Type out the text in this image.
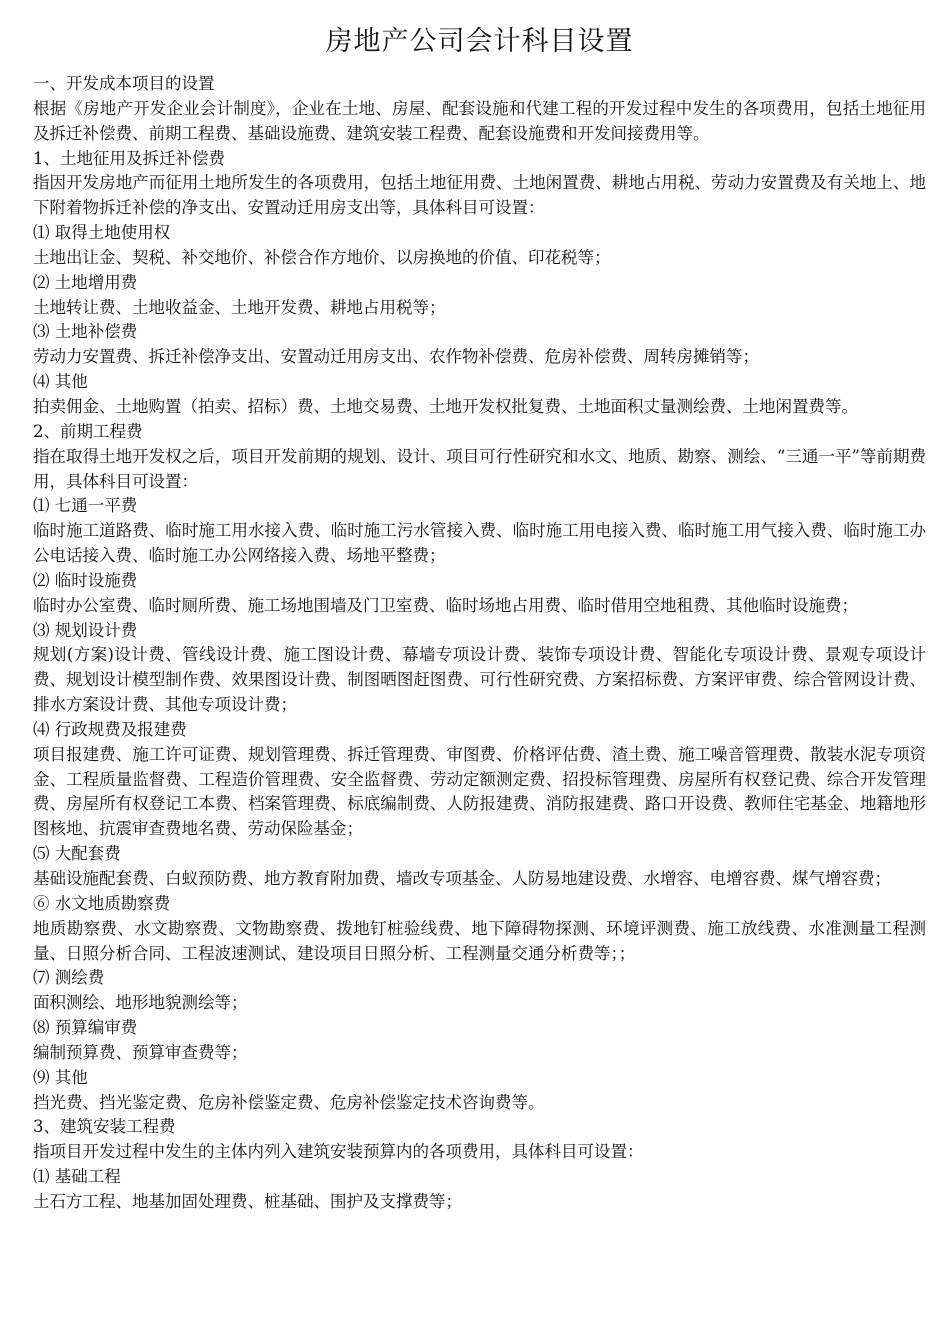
房地产公司会计科目设置
一、开发成本项目的设置

根据《房地产开发企业会计制度》，企业在土地、房屋、配套设施和代建工程的开发过程中发生的各项费用，包括土地征用及拆迁补偿费、前期工程费、基础设施费、建筑安装工程费、配套设施费和开发间接费用等。

1、土地征用及拆迁补偿费

指因开发房地产而征用土地所发生的各项费用，包括土地征用费、土地闲置费、耕地占用税、劳动力安置费及有关地上、地下附着物拆迁补偿的净支出、安置动迁用房支出等，具体科目可设置：

⑴ 取得土地使用权

土地出让金、契税、补交地价、补偿合作方地价、以房换地的价值、印花税等；

⑵ 土地增用费

土地转让费、土地收益金、土地开发费、耕地占用税等；

⑶ 土地补偿费

劳动力安置费、拆迁补偿净支出、安置动迁用房支出、农作物补偿费、危房补偿费、周转房摊销等；

⑷ 其他

拍卖佣金、土地购置（拍卖、招标）费、土地交易费、土地开发权批复费、土地面积丈量测绘费、土地闲置费等。

2、前期工程费

指在取得土地开发权之后，项目开发前期的规划、设计、项目可行性研究和水文、地质、勘察、测绘、“三通一平”等前期费用，具体科目可设置：

⑴ 七通一平费

临时施工道路费、临时施工用水接入费、临时施工污水管接入费、临时施工用电接入费、临时施工用气接入费、临时施工办公电话接入费、临时施工办公网络接入费、场地平整费；

⑵ 临时设施费

临时办公室费、临时厕所费、施工场地围墙及门卫室费、临时场地占用费、临时借用空地租费、其他临时设施费；

⑶ 规划设计费

规划(方案)设计费、管线设计费、施工图设计费、幕墙专项设计费、装饰专项设计费、智能化专项设计费、景观专项设计费、规划设计模型制作费、效果图设计费、制图晒图赶图费、可行性研究费、方案招标费、方案评审费、综合管网设计费、排水方案设计费、其他专项设计费；

⑷ 行政规费及报建费

项目报建费、施工许可证费、规划管理费、拆迁管理费、审图费、价格评估费、渣土费、施工噪音管理费、散装水泥专项资金、工程质量监督费、工程造价管理费、安全监督费、劳动定额测定费、招投标管理费、房屋所有权登记费、综合开发管理费、房屋所有权登记工本费、档案管理费、标底编制费、人防报建费、消防报建费、路口开设费、教师住宅基金、地籍地形图核地、抗震审查费地名费、劳动保险基金；

⑸ 大配套费

基础设施配套费、白蚁预防费、地方教育附加费、墙改专项基金、人防易地建设费、水增容、电增容费、煤气增容费；

⑥ 水文地质勘察费

地质勘察费、水文勘察费、文物勘察费、拨地钉桩验线费、地下障碍物探测、环境评测费、施工放线费、水准测量工程测量、日照分析合同、工程波速测试、建设项目日照分析、工程测量交通分析费等；；

⑺ 测绘费

面积测绘、地形地貌测绘等；

⑻ 预算编审费

编制预算费、预算审查费等；

⑼ 其他

挡光费、挡光鉴定费、危房补偿鉴定费、危房补偿鉴定技术咨询费等。

3、建筑安装工程费

指项目开发过程中发生的主体内列入建筑安装预算内的各项费用，具体科目可设置：

⑴ 基础工程

土石方工程、地基加固处理费、桩基础、围护及支撑费等；
